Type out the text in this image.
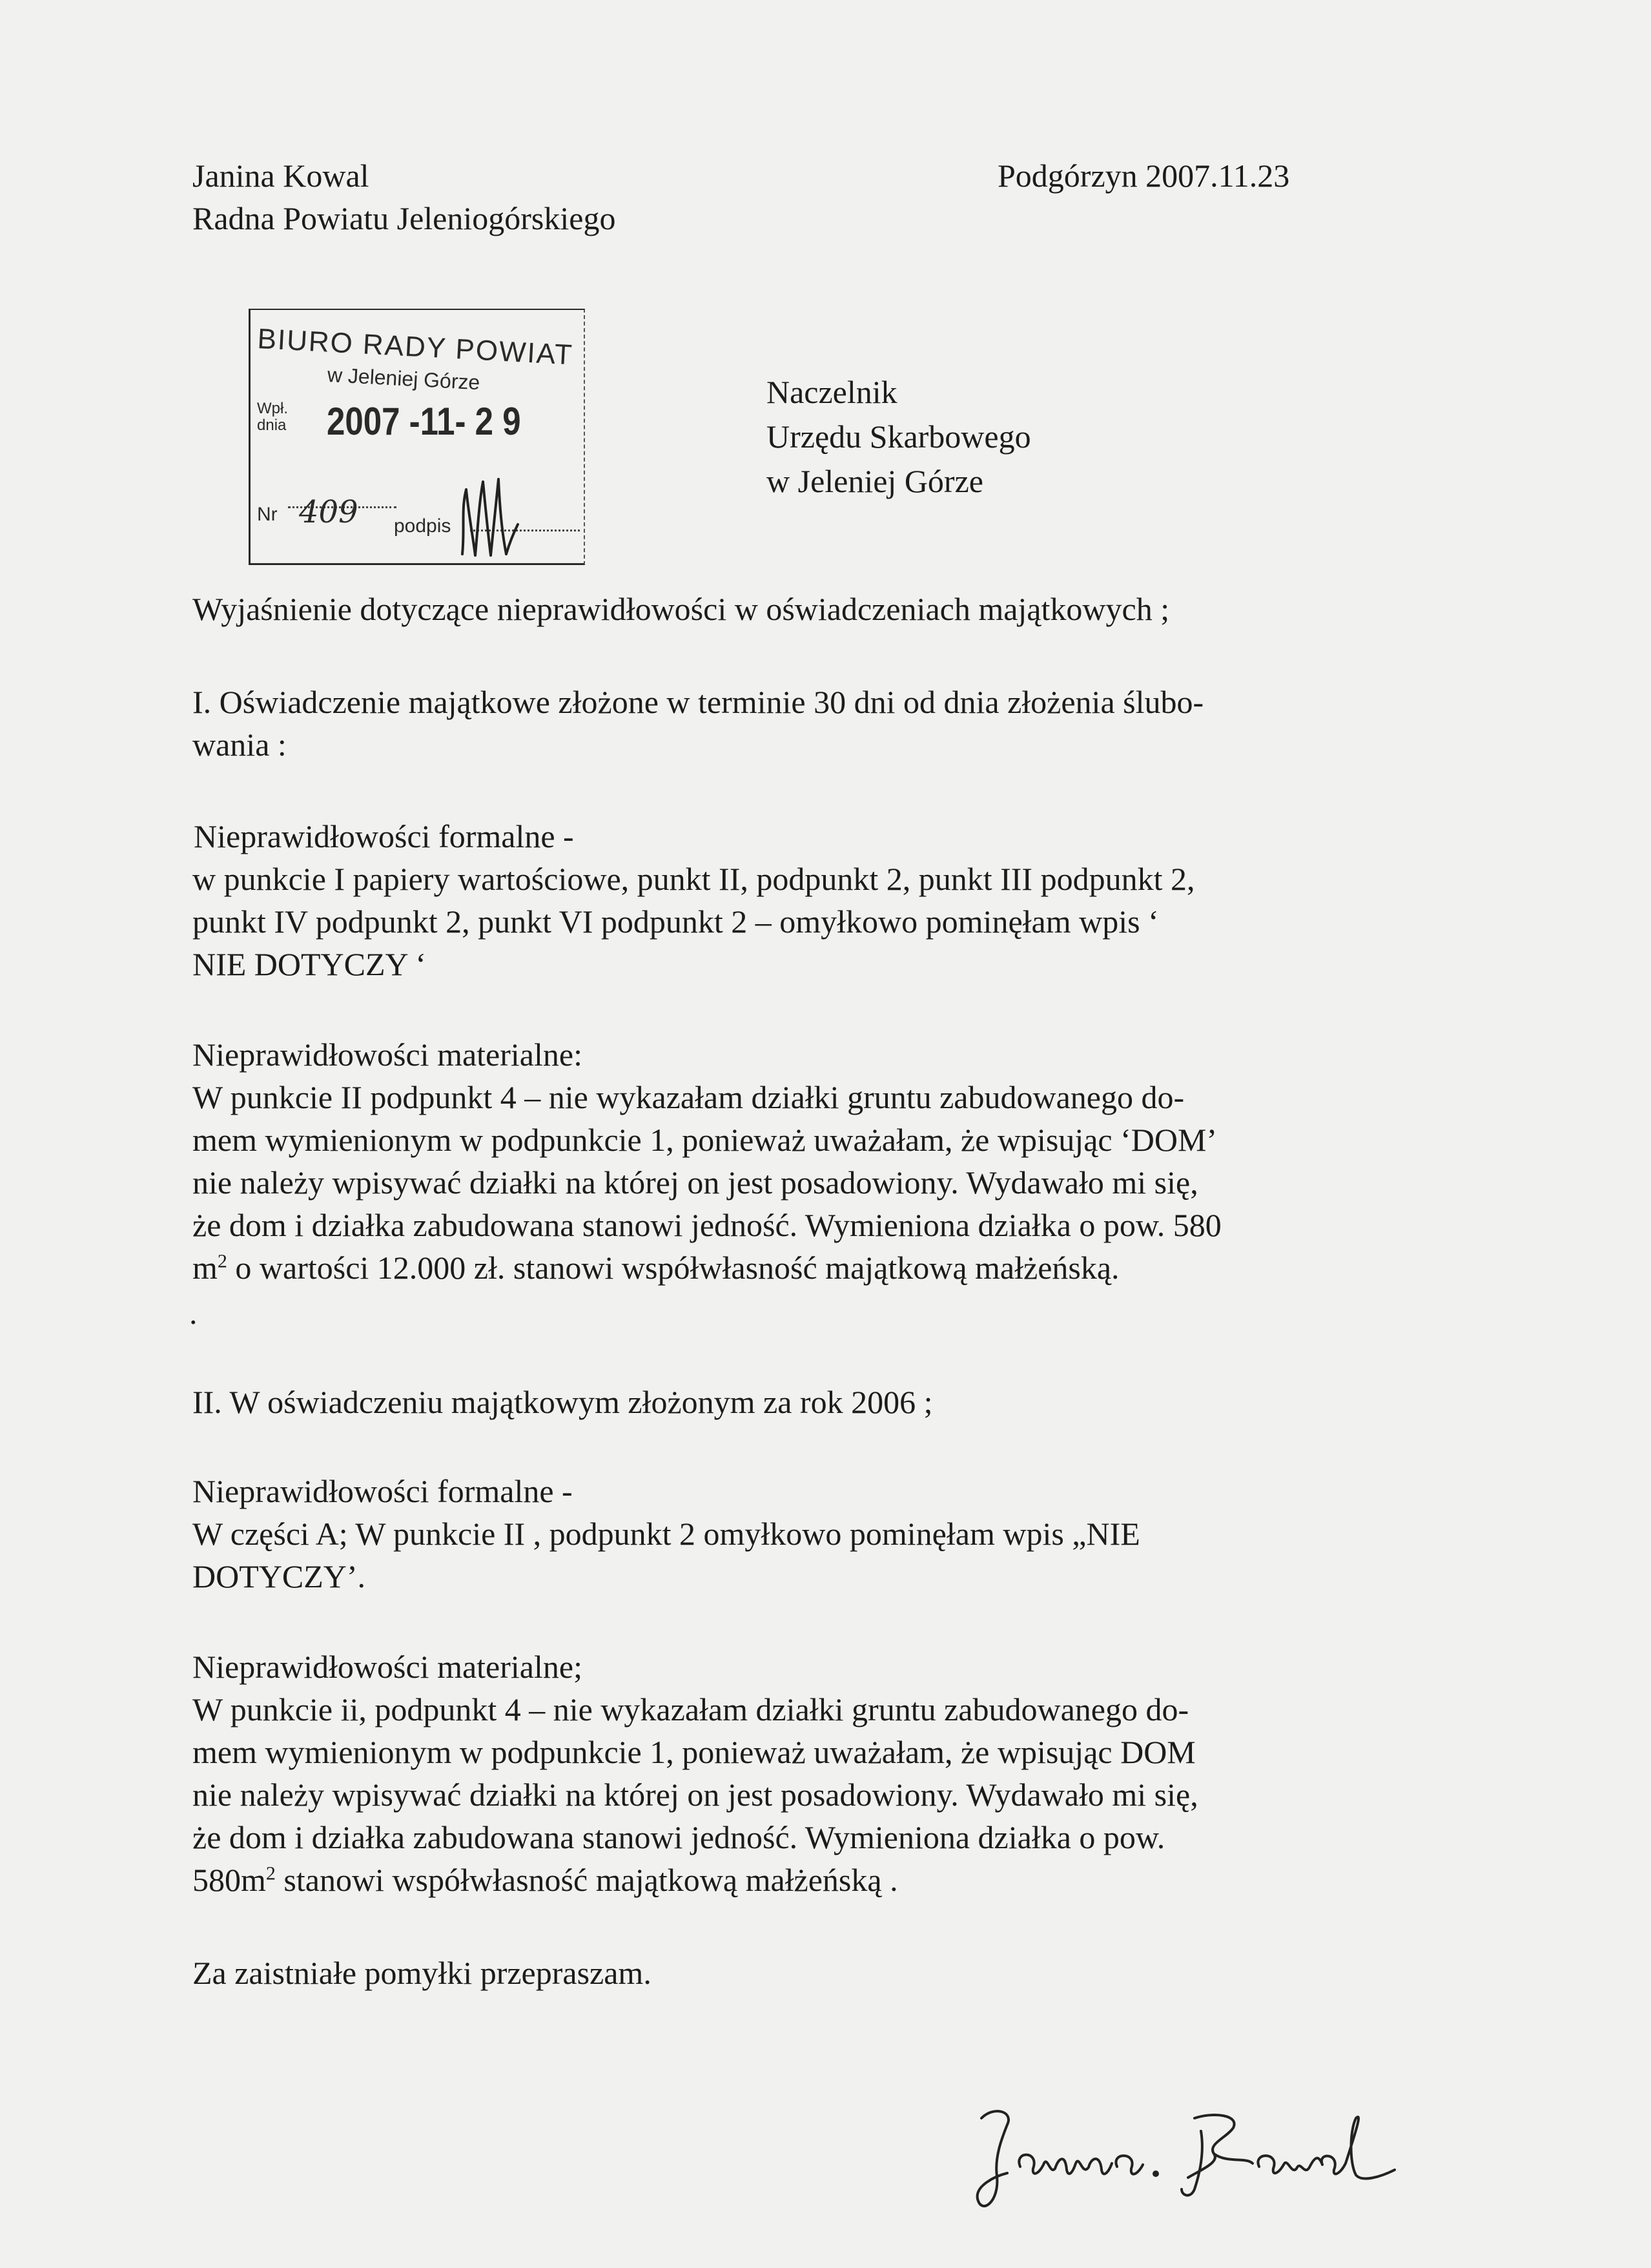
Janina Kowal
Radna Powiatu Jeleniogórskiego
Podgórzyn 2007.11.23
BIURO RADY POWIAT
w Jeleniej Górze
Wpł.
dnia 2007 -11- 2 9
Nr 409 podpis
Naczelnik
Urzędu Skarbowego
w Jeleniej Górze
Wyjaśnienie dotyczące nieprawidłowości w oświadczeniach majątkowych ;
I. Oświadczenie majątkowe złożone w terminie 30 dni od dnia złożenia ślubo-
wania :
Nieprawidłowości formalne -
w punkcie I papiery wartościowe, punkt II, podpunkt 2, punkt III podpunkt 2,
punkt IV podpunkt 2, punkt VI podpunkt 2 – omyłkowo pominęłam wpis ‘
NIE DOTYCZY ‘
Nieprawidłowości materialne:
W punkcie II podpunkt 4 – nie wykazałam działki gruntu zabudowanego do-
mem wymienionym w podpunkcie 1, ponieważ uważałam, że wpisując ‘DOM’
nie należy wpisywać działki na której on jest posadowiony. Wydawało mi się,
że dom i działka zabudowana stanowi jedność. Wymieniona działka o pow. 580
$m^2$ o wartości 12.000 zł. stanowi współwłasność majątkową małżeńską.
.
II. W oświadczeniu majątkowym złożonym za rok 2006 ;
Nieprawidłowości formalne -
W części A; W punkcie II , podpunkt 2 omyłkowo pominęłam wpis „NIE
DOTYCZY’.
Nieprawidłowości materialne;
W punkcie ii, podpunkt 4 – nie wykazałam działki gruntu zabudowanego do-
mem wymienionym w podpunkcie 1, ponieważ uważałam, że wpisując DOM
nie należy wpisywać działki na której on jest posadowiony. Wydawało mi się,
że dom i działka zabudowana stanowi jedność. Wymieniona działka o pow.
$580m^2$ stanowi współwłasność majątkową małżeńską .
Za zaistniałe pomyłki przepraszam.
